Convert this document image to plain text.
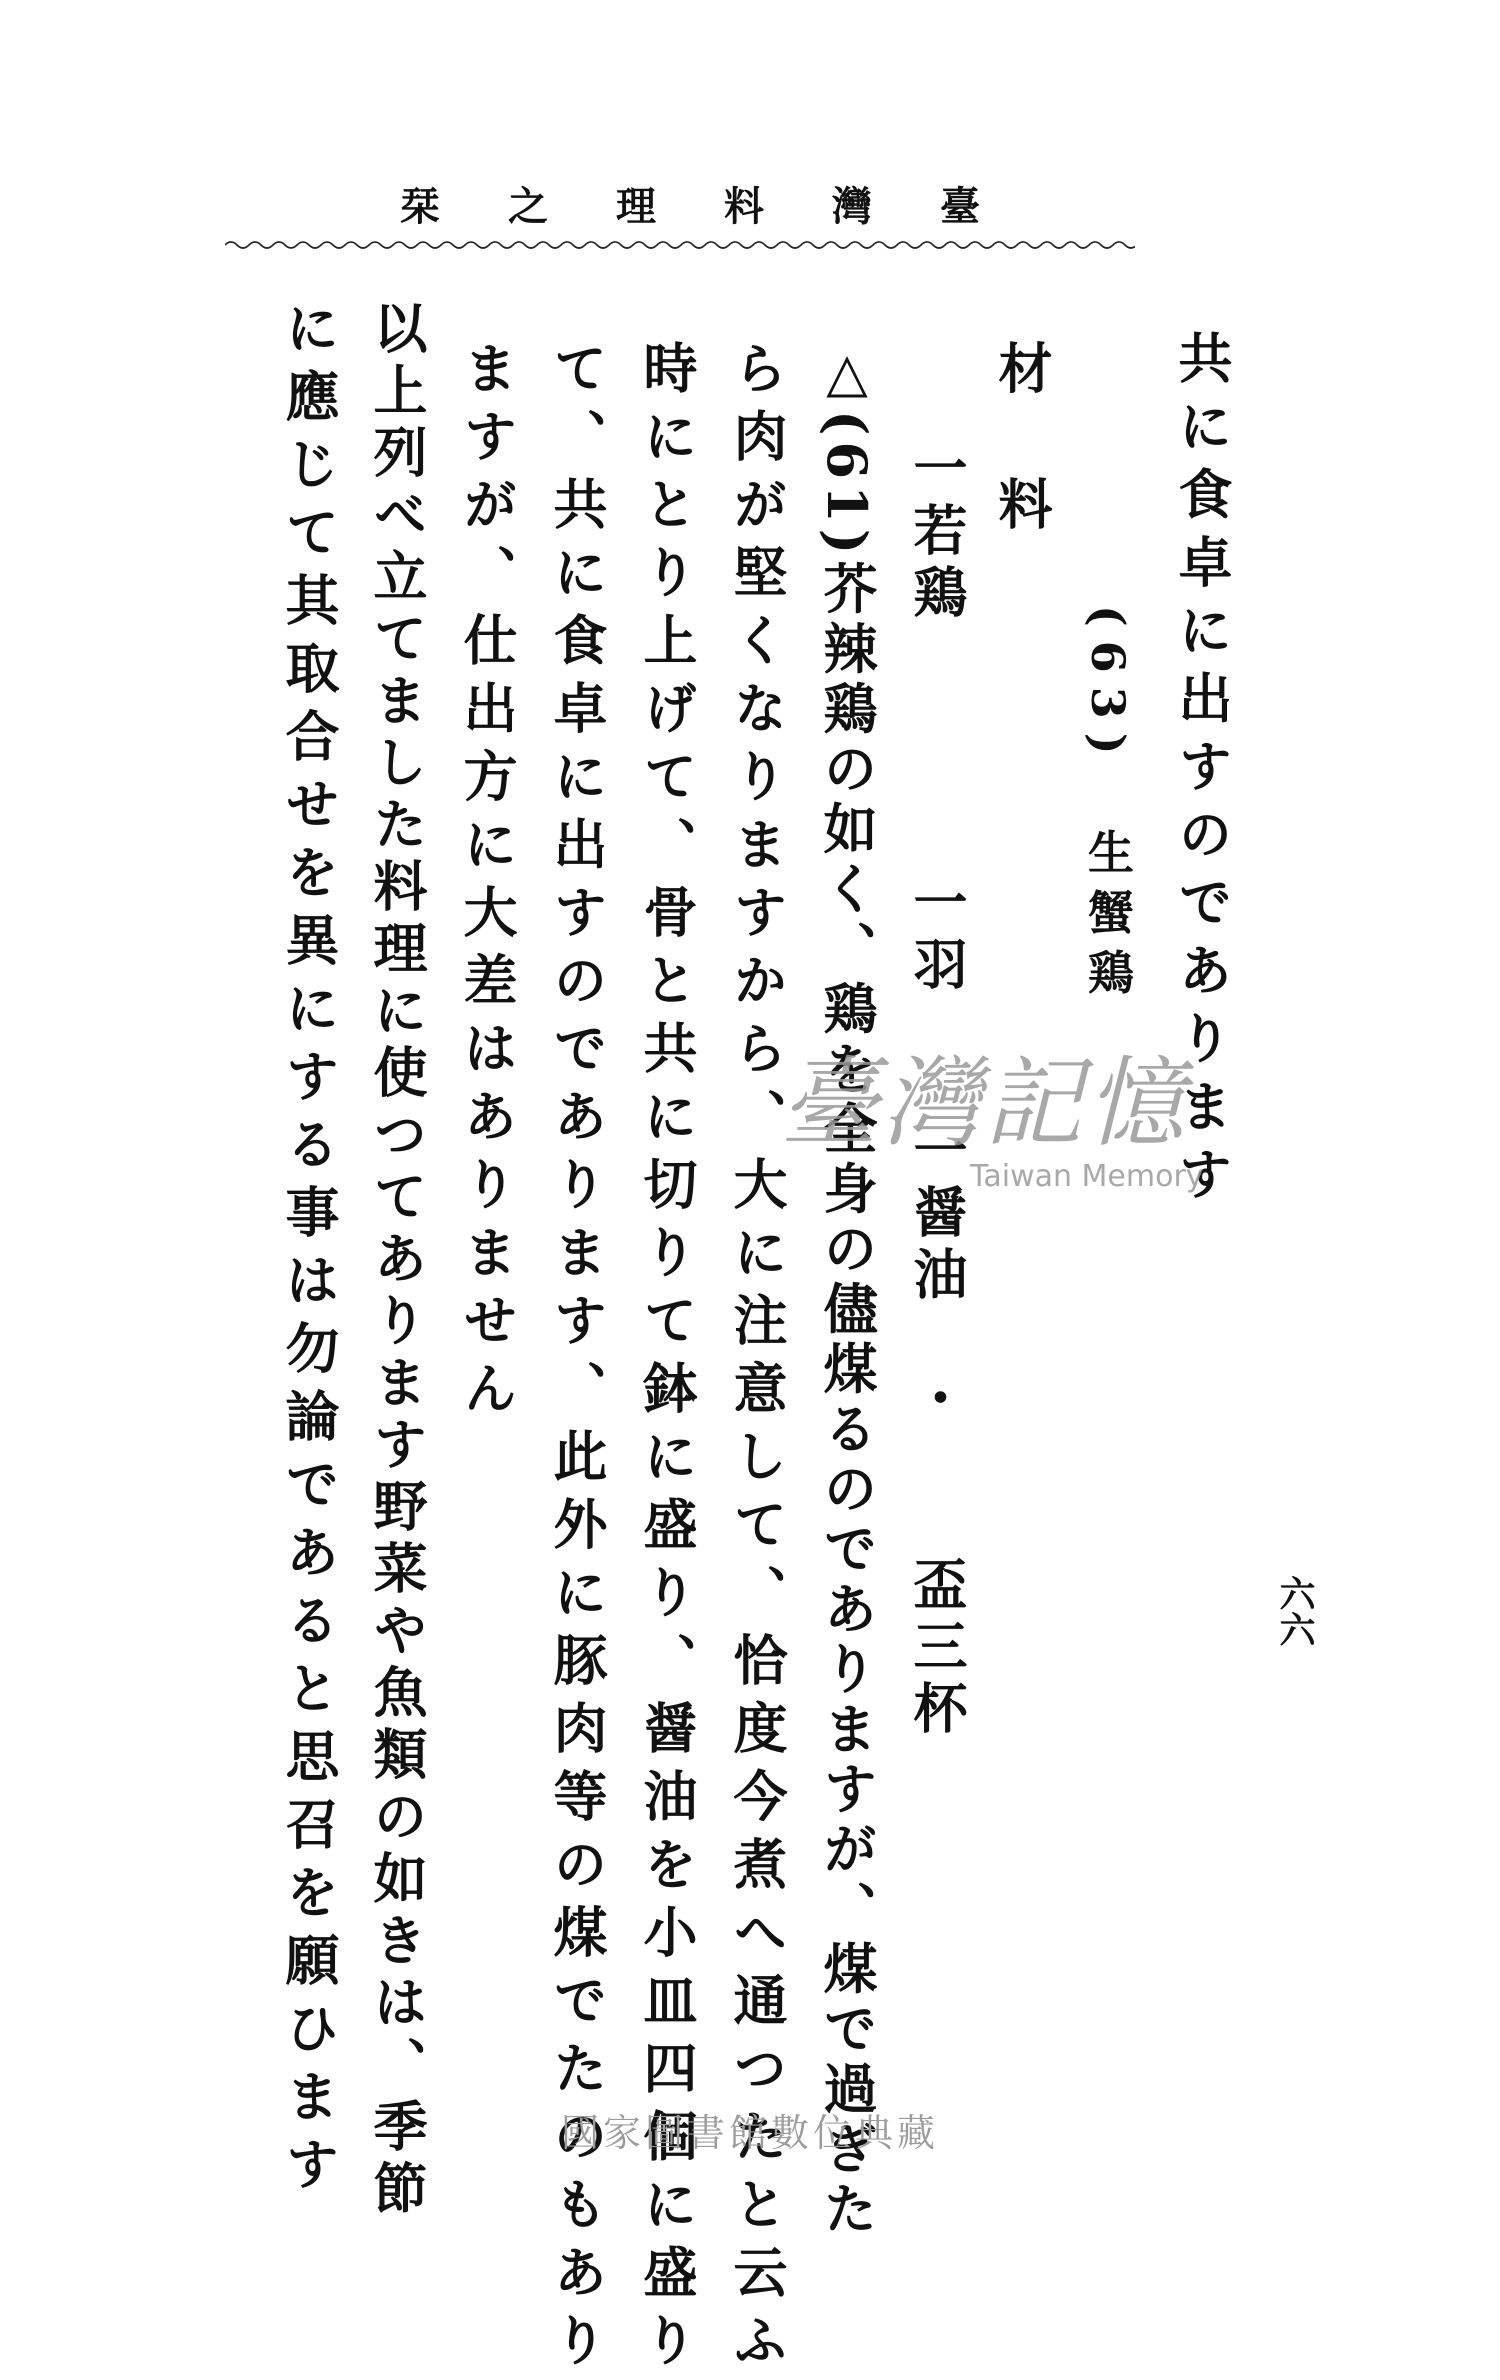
臺
灣
料
理
之
栞
共に食卓に出すのであります
(63)　生蟹鶏
材　料
一若鶏　　　　一羽　　一醤油　・　　盃三杯
△(61)芥辣鶏の如く、鶏を全身の儘煤るのでありますが、煤で過ぎた
ら肉が堅くなりますから、大に注意して、恰度今煮へ通つたと云ふ
時にとり上げて、骨と共に切りて鉢に盛り、醤油を小皿四個に盛り
て、共に食卓に出すのであります、此外に豚肉等の煤でたのもあり
ますが、仕出方に大差はありません
以上列べ立てました料理に使つてあります野菜や魚類の如きは、季節
に應じて其取合せを異にする事は勿論であると思召を願ひます	六六
臺灣記憶
Taiwan Memory
國家圖書館數位典藏
